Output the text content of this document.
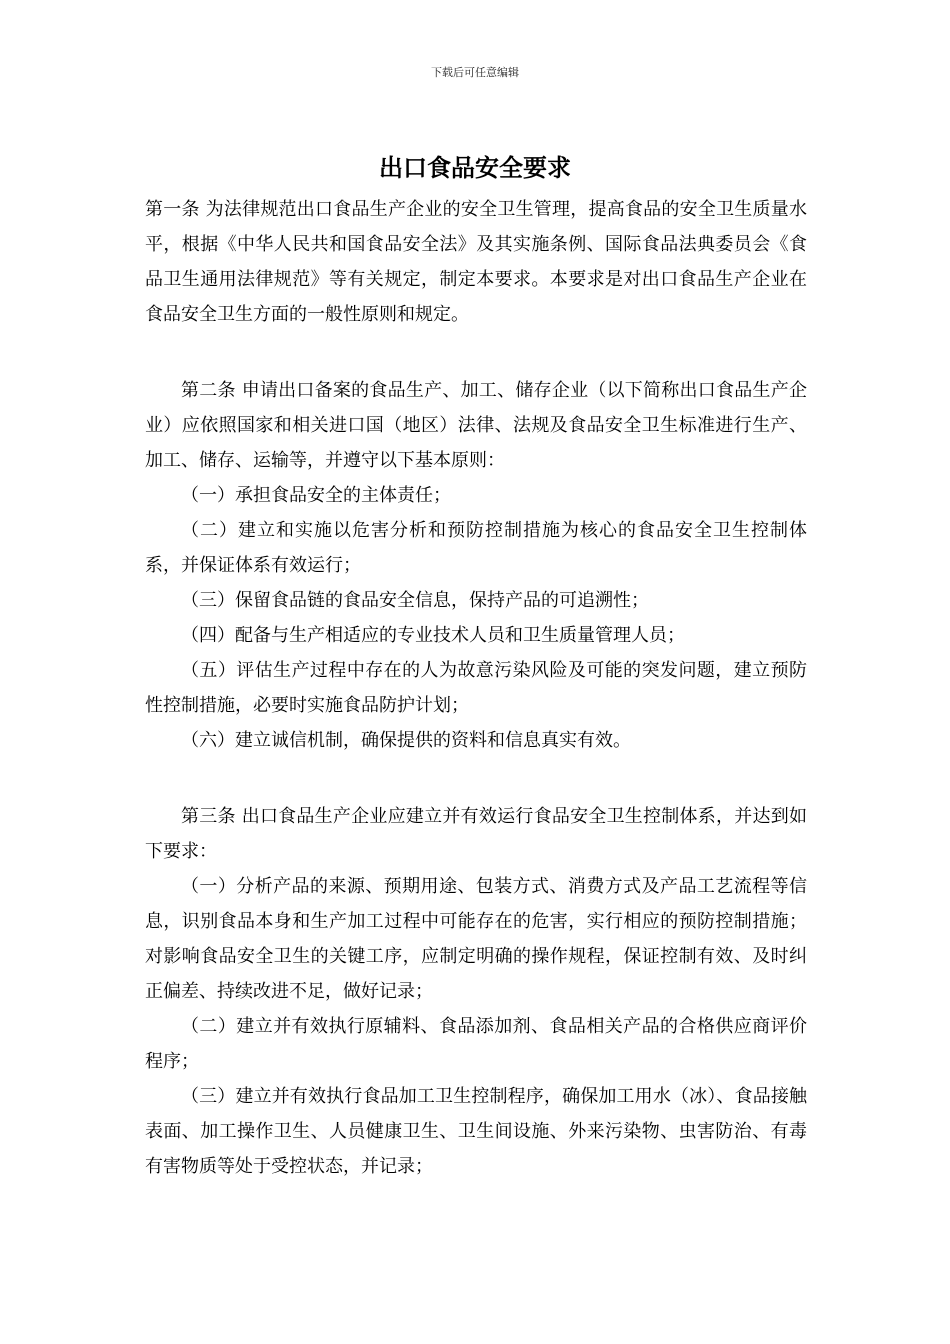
下载后可任意编辑
出口食品安全要求

第一条 为法律规范出口食品生产企业的安全卫生管理，提高食品的安全卫生质量水平，根据《中华人民共和国食品安全法》及其实施条例、国际食品法典委员会《食品卫生通用法律规范》等有关规定，制定本要求。本要求是对出口食品生产企业在食品安全卫生方面的一般性原则和规定。

第二条 申请出口备案的食品生产、加工、储存企业（以下简称出口食品生产企业）应依照国家和相关进口国（地区）法律、法规及食品安全卫生标准进行生产、加工、储存、运输等，并遵守以下基本原则：

（一）承担食品安全的主体责任；

（二）建立和实施以危害分析和预防控制措施为核心的食品安全卫生控制体系，并保证体系有效运行；

（三）保留食品链的食品安全信息，保持产品的可追溯性；

（四）配备与生产相适应的专业技术人员和卫生质量管理人员；

（五）评估生产过程中存在的人为故意污染风险及可能的突发问题，建立预防性控制措施，必要时实施食品防护计划；

（六）建立诚信机制，确保提供的资料和信息真实有效。

第三条 出口食品生产企业应建立并有效运行食品安全卫生控制体系，并达到如下要求：

（一）分析产品的来源、预期用途、包装方式、消费方式及产品工艺流程等信息，识别食品本身和生产加工过程中可能存在的危害，实行相应的预防控制措施；对影响食品安全卫生的关键工序，应制定明确的操作规程，保证控制有效、及时纠正偏差、持续改进不足，做好记录；

（二）建立并有效执行原辅料、食品添加剂、食品相关产品的合格供应商评价程序；

（三）建立并有效执行食品加工卫生控制程序，确保加工用水（冰）、食品接触表面、加工操作卫生、人员健康卫生、卫生间设施、外来污染物、虫害防治、有毒有害物质等处于受控状态，并记录；
